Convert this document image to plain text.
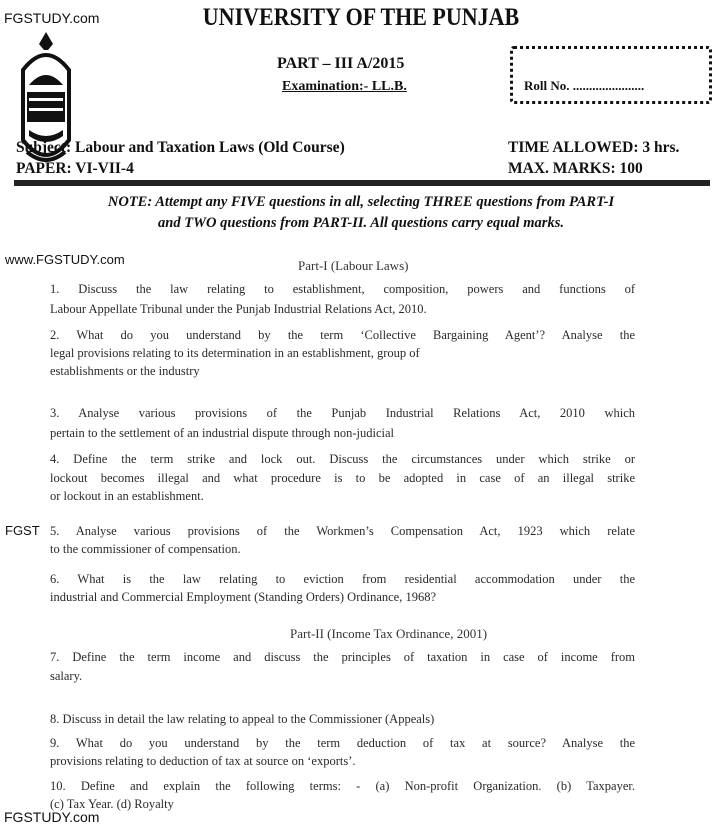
FGSTUDY.com	UNIVERSITY OF THE PUNJAB
PART – III A/2015
Examination:- LL.B.	Roll No. ......................
Subject: Labour and Taxation Laws (Old Course)
PAPER: VI-VII-4
TIME ALLOWED: 3 hrs.
MAX. MARKS: 100
NOTE: Attempt any FIVE questions in all, selecting THREE questions from PART-I
and TWO questions from PART-II. All questions carry equal marks.
www.FGSTUDY.com	Part-I (Labour Laws)
1. Discuss the law relating to establishment, composition, powers and functions of
Labour Appellate Tribunal under the Punjab Industrial Relations Act, 2010.
2. What do you understand by the term ‘Collective Bargaining Agent’? Analyse the
legal provisions relating to its determination in an establishment, group of
establishments or the industry
3. Analyse various provisions of the Punjab Industrial Relations Act, 2010 which
pertain to the settlement of an industrial dispute through non-judicial
4. Define the term strike and lock out. Discuss the circumstances under which strike or
lockout becomes illegal and what procedure is to be adopted in case of an illegal strike
or lockout in an establishment.
FGST 5. Analyse various provisions of the Workmen’s Compensation Act, 1923 which relate
to the commissioner of compensation.
6. What is the law relating to eviction from residential accommodation under the
industrial and Commercial Employment (Standing Orders) Ordinance, 1968?
Part-II (Income Tax Ordinance, 2001)
7. Define the term income and discuss the principles of taxation in case of income from
salary.
8. Discuss in detail the law relating to appeal to the Commissioner (Appeals)
9. What do you understand by the term deduction of tax at source? Analyse the
provisions relating to deduction of tax at source on ‘exports’.
10. Define and explain the following terms: - (a) Non-profit Organization. (b) Taxpayer.
(c) Tax Year. (d) Royalty
FGSTUDY.com
